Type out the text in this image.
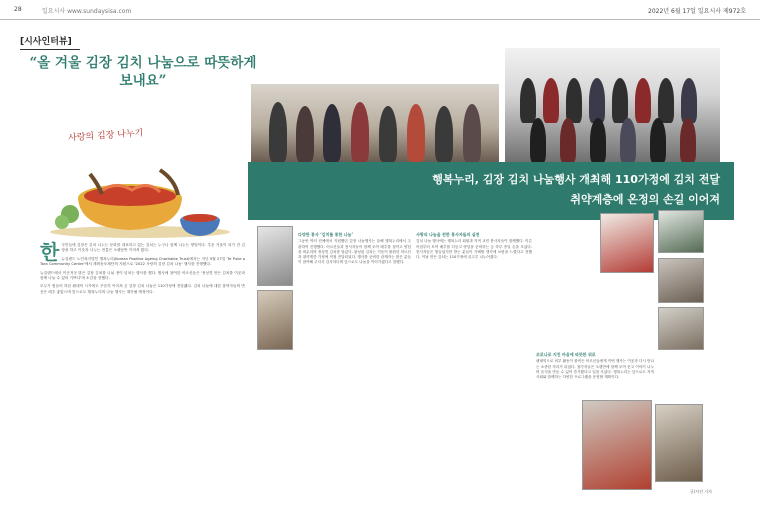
28	일요시사 www.sundaysisa.com	2022년 6월 17일 일요시사 제972호
[시사인터뷰]
“올 겨울 김장 김치 나눔으로 따뜻하게 보내요”
사랑의 김장 나누기

한국인들에 김장은 김치 나누는 문화를 대표하고 있는 김치는 누구나 함께 나누는 방법이다. 추운 겨울이 되기 전 김장을 하고 이웃과 나누는 전통은 오랫동안 이어져 왔다.

뉴질랜드 노인복지법인 행복누리(Korean Positive Ageing Charitable Trust)에서는 지난 5월 27일 'Te Puke o Tara Community Centre'에서 재외동포재단의 지원으로 '2022 사랑의 김장 김치 나눔' 행사를 진행했다.

뉴질랜드에서 이곳저곳 많은 김장 김치를 나눠 정이 넘치는 행사를 했다. 행사에 참여한 어르신들은 '정성껏 만든 김치를 이웃과 함께 나눌 수 있어 기쁘다'며 소감을 전했다.

모두가 힘들어 하던 팬데믹 시기에도 꾸준히 이어져 온 김장 김치 나눔은 110가정에 전달됐다. 김치 나눔에 대한 참여자들의 반응은 매우 좋았으며 앞으로도 행복누리의 나눔 행사는 계속될 예정이다.

행복누리, 김장 김치 나눔행사 개최해 110가정에 김치 전달
취약계층에 온정의 손길 이어져

다양한 봉사 ‘김치를 통한 나눔’

그동안 여러 단체에서 지원했던 김장 나눔행사는 올해 행복누리에서 주관하여 진행했다. 어르신들과 봉사자들이 함께 모여 배추를 절이고 양념을 버무리며 정성껏 김치를 담갔다. 완성된 김치는 거동이 불편한 어르신과 취약계층 가정에 직접 전달되었다. 행사를 준비한 관계자는 많은 분들이 참여해 주셔서 감사하다며 앞으로도 나눔을 이어가겠다고 말했다.

사랑의 나눔을 전한 봉사자들의 실천

김치 나눔 행사에는 행복누리 회원과 지역 교민 봉사자들이 함께했다. 이른 아침부터 모여 배추를 다듬고 양념을 준비하는 등 하루 종일 손을 모았다. 봉사자들은 힘들었지만 받는 분들이 기뻐할 생각에 보람을 느꼈다고 전했다. 이날 만든 김치는 110가정에 골고루 나누어졌다.

코로나로 지친 마음에 따뜻한 위로

팬데믹으로 외부 활동이 줄어든 어르신들에게 이번 행사는 이웃과 다시 만나는 소중한 자리가 되었다. 참가자들은 오랜만에 함께 모여 웃고 이야기 나누며 음식을 만들 수 있어 즐거웠다고 입을 모았다. 행복누리는 앞으로도 지역 사회와 함께하는 다양한 프로그램을 운영할 계획이다.

글/사진 기자
